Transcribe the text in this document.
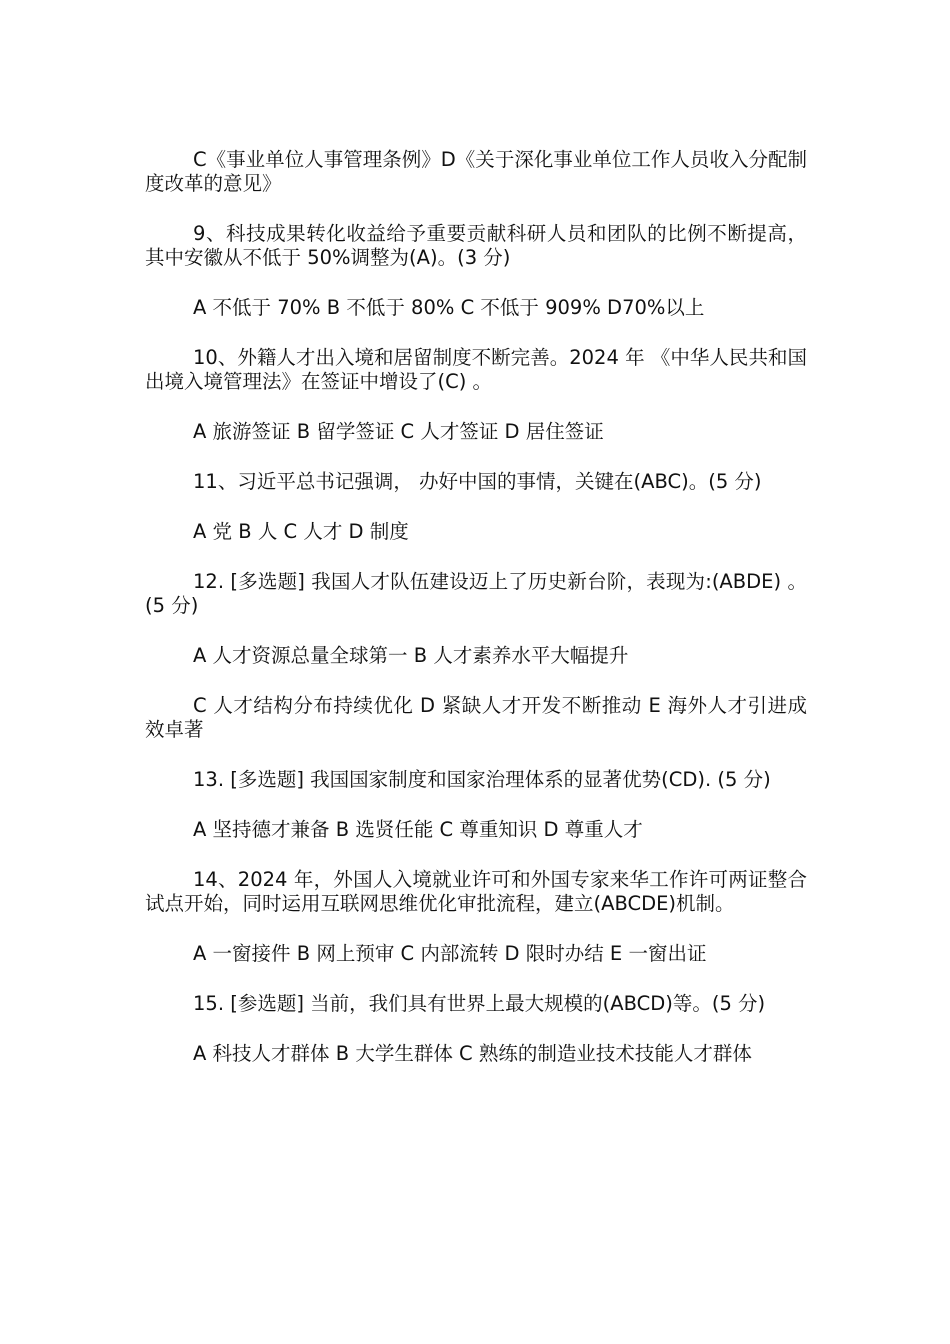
C《事业单位人事管理条例》D《关于深化事业单位工作人员收入分配制度改革的意见》

9、科技成果转化收益给予重要贡献科研人员和团队的比例不断提高，其中安徽从不低于 50%调整为(A)。(3 分)

A 不低于 70% B 不低于 80% C 不低于 909% D70%以上

10、外籍人才出入境和居留制度不断完善。2024 年 《中华人民共和国出境入境管理法》在签证中增设了(C) 。

A 旅游签证 B 留学签证 C 人才签证 D 居住签证

11、习近平总书记强调， 办好中国的事情，关键在(ABC)。(5 分)

A 党 B 人 C 人才 D 制度

12. [多选题] 我国人才队伍建设迈上了历史新台阶，表现为:(ABDE) 。(5 分)

A 人才资源总量全球第一 B 人才素养水平大幅提升

C 人才结构分布持续优化 D 紧缺人才开发不断推动 E 海外人才引进成效卓著

13. [多选题] 我国国家制度和国家治理体系的显著优势(CD). (5 分)

A 坚持德才兼备 B 选贤任能 C 尊重知识 D 尊重人才

14、2024 年，外国人入境就业许可和外国专家来华工作许可两证整合试点开始，同时运用互联网思维优化审批流程，建立(ABCDE)机制。

A 一窗接件 B 网上预审 C 内部流转 D 限时办结 E 一窗出证

15. [参选题] 当前，我们具有世界上最大规模的(ABCD)等。(5 分)

A 科技人才群体 B 大学生群体 C 熟练的制造业技术技能人才群体
